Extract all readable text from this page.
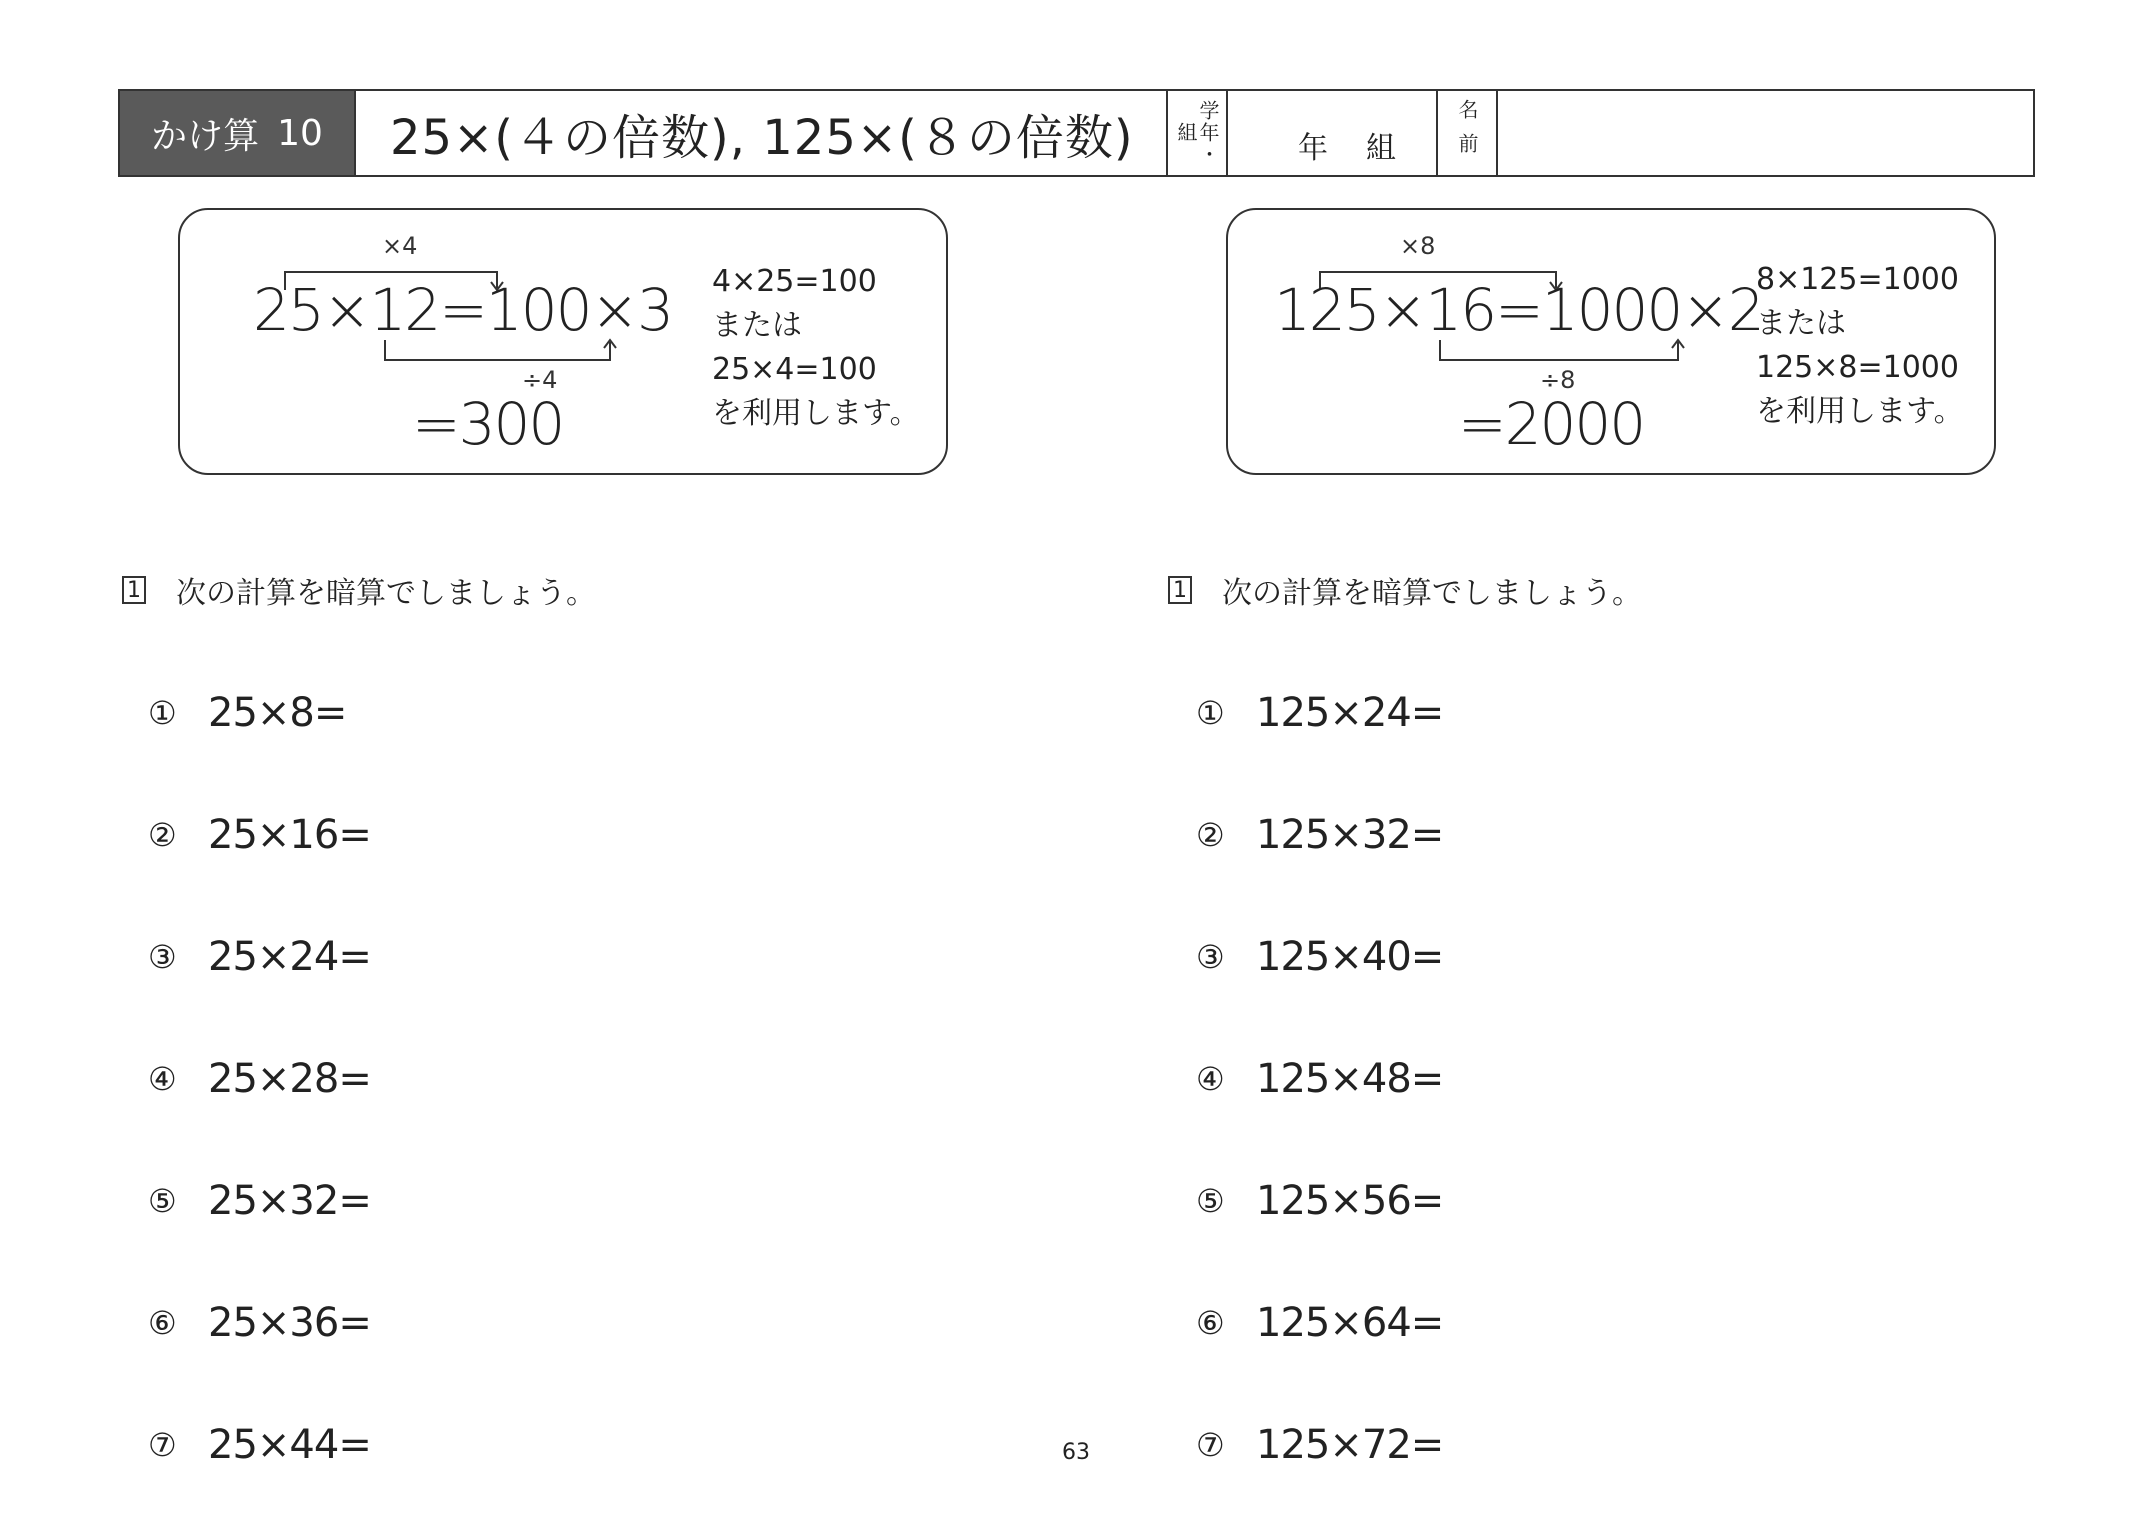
かけ算 10	25×(４の倍数), 125×(８の倍数)	学年・組	年 組	名前
×4
25×12=100×3
÷4
=300
4×25=100
または
25×4=100
を利用します。
×8
125×16=1000×2
÷8
=2000
8×125=1000
または
125×8=1000
を利用します。
1 次の計算を暗算でしましょう。
① 25×8=
② 25×16=
③ 25×24=
④ 25×28=
⑤ 25×32=
⑥ 25×36=
⑦ 25×44=
1 次の計算を暗算でしましょう。
① 125×24=
② 125×32=
③ 125×40=
④ 125×48=
⑤ 125×56=
⑥ 125×64=
⑦ 125×72=
63
